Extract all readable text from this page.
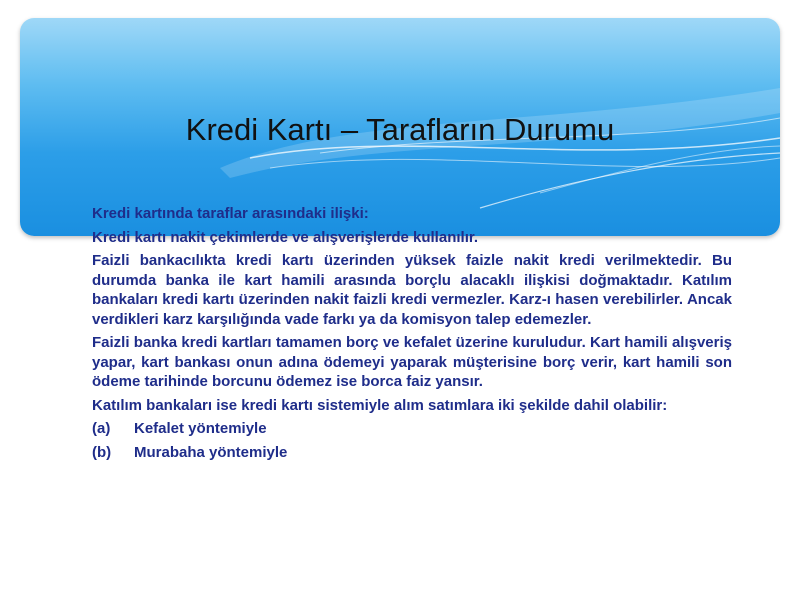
Kredi Kartı – Tarafların Durumu

Kredi kartında taraflar arasındaki ilişki:

Kredi kartı nakit çekimlerde ve alışverişlerde kullanılır.

Faizli bankacılıkta kredi kartı üzerinden yüksek faizle nakit kredi verilmektedir. Bu durumda banka ile kart hamili arasında borçlu alacaklı ilişkisi doğmaktadır. Katılım bankaları kredi kartı üzerinden nakit faizli kredi vermezler. Karz-ı hasen verebilirler. Ancak verdikleri karz karşılığında vade farkı ya da komisyon talep edemezler.

Faizli banka kredi kartları tamamen borç ve kefalet üzerine kuruludur. Kart hamili alışveriş yapar, kart bankası onun adına ödemeyi yaparak müşterisine borç verir, kart hamili son ödeme tarihinde borcunu ödemez ise borca faiz yansır.

Katılım bankaları ise kredi kartı sistemiyle alım satımlara iki şekilde dahil olabilir:

(a) Kefalet yöntemiyle

(b) Murabaha yöntemiyle
